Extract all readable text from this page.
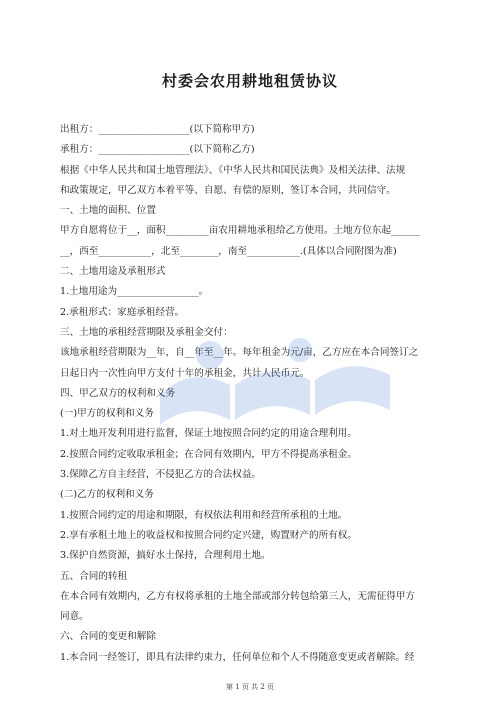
村委会农用耕地租赁协议
出租方：___________________(以下简称甲方)
承租方：___________________(以下简称乙方)
根据《中华人民共和国土地管理法》、《中华人民共和国民法典》及相关法律、法规
和政策规定，甲乙双方本着平等、自愿、有偿的原则，签订本合同，共同信守。
一、土地的面积、位置
甲方自愿将位于__，面积_________亩农用耕地承租给乙方使用。土地方位东起______
__，西至___________，北至________，南至___________.(具体以合同附图为准)
二、土地用途及承租形式
1.土地用途为_________________。
2.承租形式：家庭承租经营。
三、土地的承租经营期限及承租金交付：
该地承租经营期限为__年，自__年至__年。每年租金为元/亩，乙方应在本合同签订之
日起日内一次性向甲方支付十年的承租金，共计人民币元。
四、甲乙双方的权利和义务
(一)甲方的权利和义务
1.对土地开发利用进行监督，保证土地按照合同约定的用途合理利用。
2.按照合同约定收取承租金；在合同有效期内，甲方不得提高承租金。
3.保障乙方自主经营，不侵犯乙方的合法权益。
(二)乙方的权利和义务
1.按照合同约定的用途和期限，有权依法利用和经营所承租的土地。
2.享有承租土地上的收益权和按照合同约定兴建，购置财产的所有权。
3.保护自然资源，搞好水土保持，合理利用土地。
五、合同的转租
在本合同有效期内，乙方有权将承租的土地全部或部分转包给第三人，无需征得甲方
同意。
六、合同的变更和解除
1.本合同一经签订，即具有法律约束力，任何单位和个人不得随意变更或者解除。经
第 1 页 共 2 页
